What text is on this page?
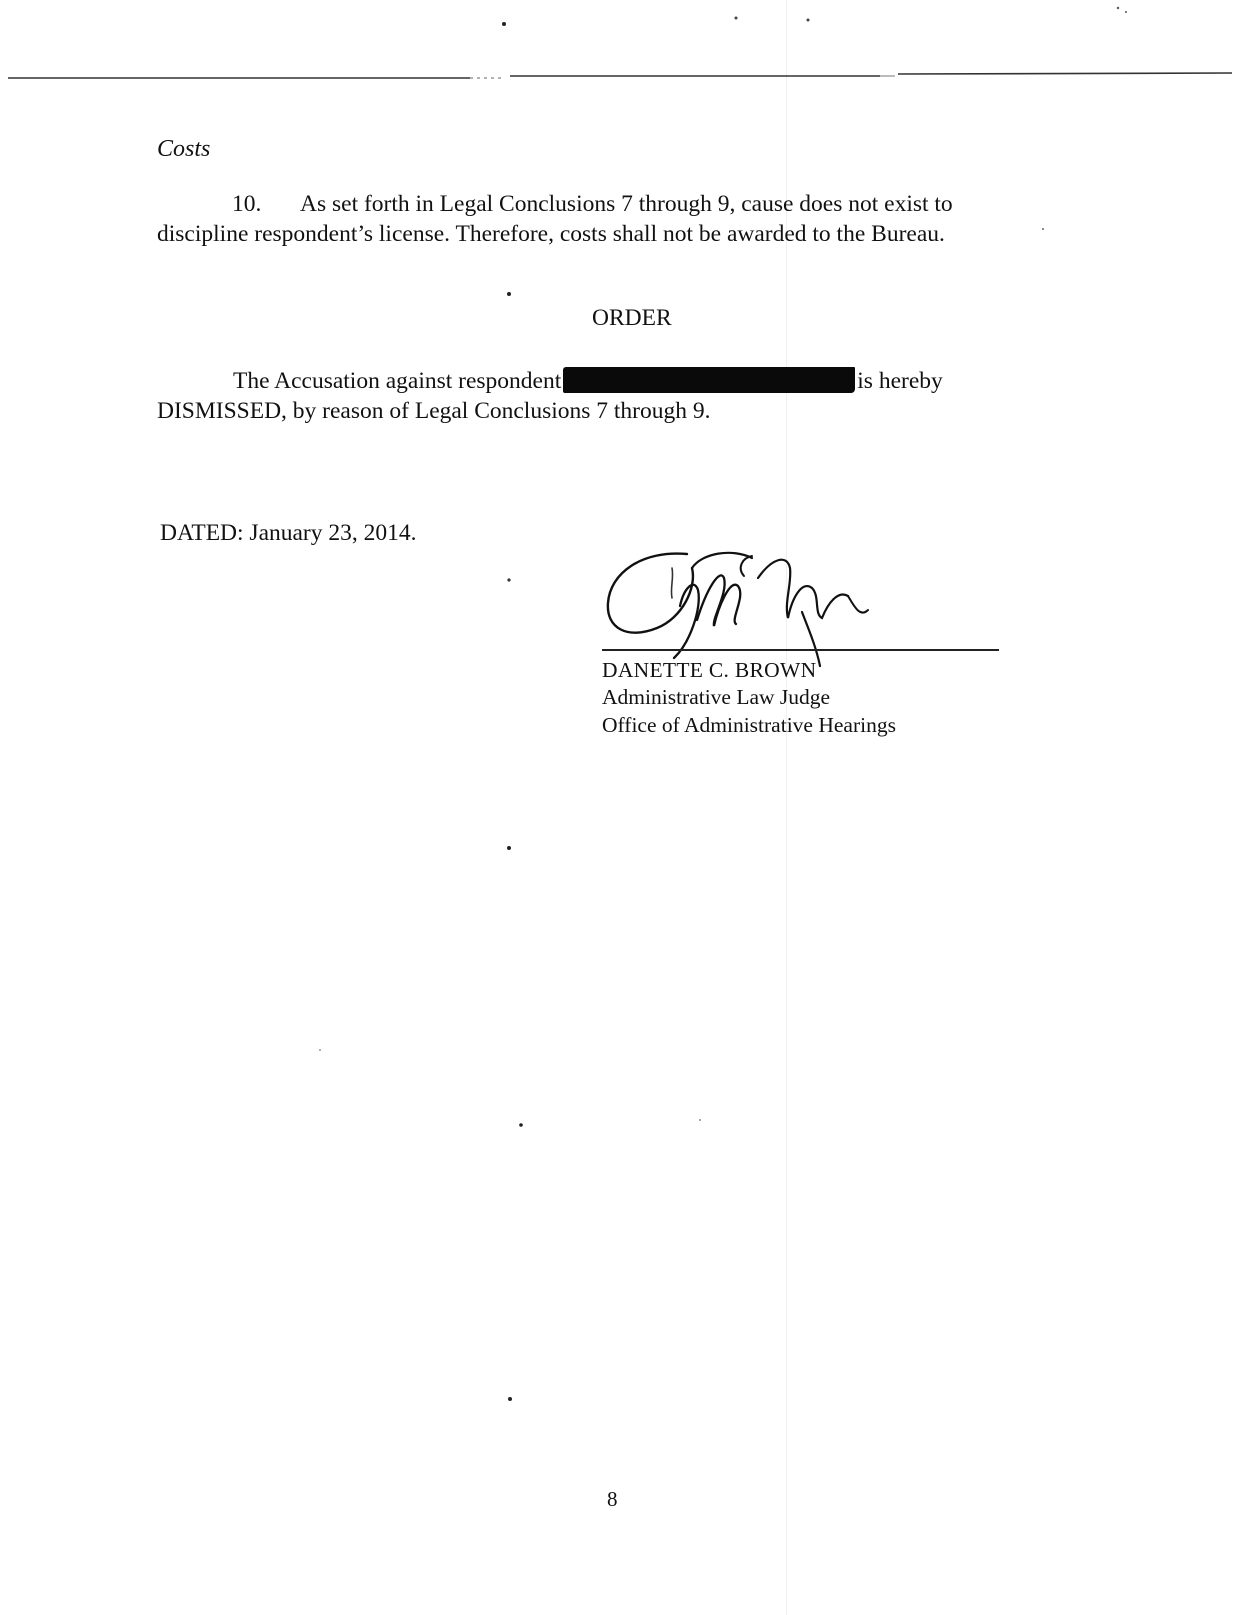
Costs

10. As set forth in Legal Conclusions 7 through 9, cause does not exist to discipline respondent’s license. Therefore, costs shall not be awarded to the Bureau.

ORDER

The Accusation against respondent	is hereby DISMISSED, by reason of Legal Conclusions 7 through 9.

DATED: January 23, 2014.

DANETTE C. BROWN
Administrative Law Judge
Office of Administrative Hearings
8
